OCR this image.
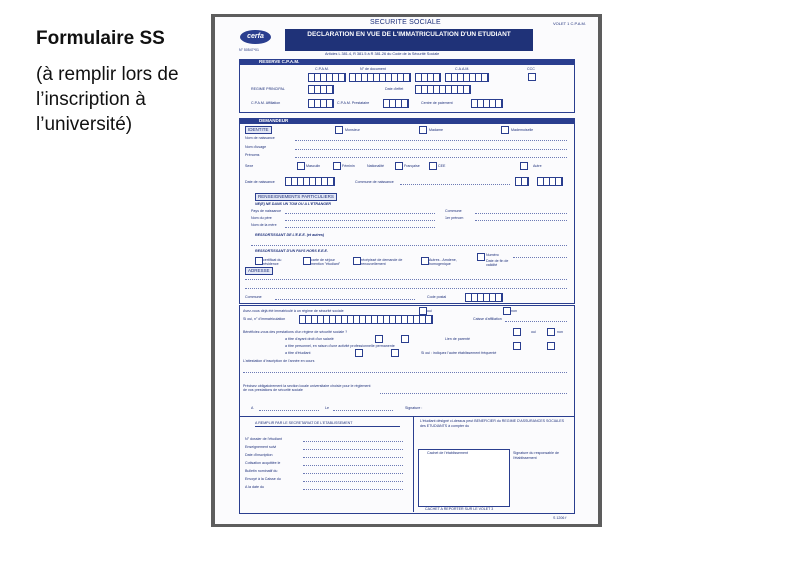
Formulaire SS
(à remplir lors de l’inscription à l’université)
cerfa
N° 50547*01
SECURITE SOCIALE	VOLET 1 C.P.A.M.
DECLARATION EN VUE DE L'IMMATRICULATION D'UN ETUDIANT
Articles L 381.4, R 381.5 à R 381.26 du Code de la Sécurité Sociale
RESERVE C.P.A.M.
C.P.A.M.	N° de document	C.A.A.M.	CCC
REGIME PRINCIPAL	Date d'effet
C.P.A.M. Affiliation	C.P.A.M. Prestataire	Centre de paiement
DEMANDEUR
IDENTITE	Monsieur	Madame	Mademoiselle
Nom de naissance
Nom d'usage
Prénoms
Sexe	Masculin	Féminin	Nationalité	Française	CEE	Autre
Date de naissance	Commune de naissance
RENSEIGNEMENTS PARTICULIERS
NE(E) NE DANS UN TOM OU A L'ETRANGER
Pays de naissance	Commune
Nom du père	1er prénom
Nom de la mère
RESSORTISSANT DE L'E.E.E. (et autres)
RESSORTISSANT D'UN PAYS HORS E.E.E.
certificat du résidence
carte de séjour mention "étudiant"
récépissé de demande de renouvellement
Autres - Amdene, homogenique
Numéro
Date de fin de validité
ADRESSE
Commune	Code postal
Avez-vous déjà été immatriculé à un régime de sécurité sociale	oui	non
Si oui, n° d'immatriculation	Caisse d'affiliation
Bénéficiez-vous des prestations d'un régime de sécurité sociale ?	oui	non
a titre d'ayant droit d'un salarié	Lien de parenté
a titre personnel, en raison d'une activité professionnelle permanente
a titre d'étudiant	Si oui : indiquez l'autre établissement fréquenté
L'attestation d'inscription de l'année en cours
Précisez obligatoirement la section locale universitaire choisie pour le règlement de vos prestations de sécurité sociale
A	Le	Signature :
A REMPLIR PAR LE SECRETARIAT DE L'ETABLISSEMENT
N° dossier de l'étudiant
Enseignement suivi
Date d'inscription
Cotisation acquittée le
Bulletin nominatif du
Envoyé à la Caisse du
A la date du
L'étudiant désigné ci-dessus peut BENEFICIER du REGIME D'ASSURANCES SOCIALES des ETUDIANTS à compter du
Cachet de l'établissement	Signature du responsable de l'établissement
CACHET A REPORTER SUR LE VOLET 3
S 1206 f
